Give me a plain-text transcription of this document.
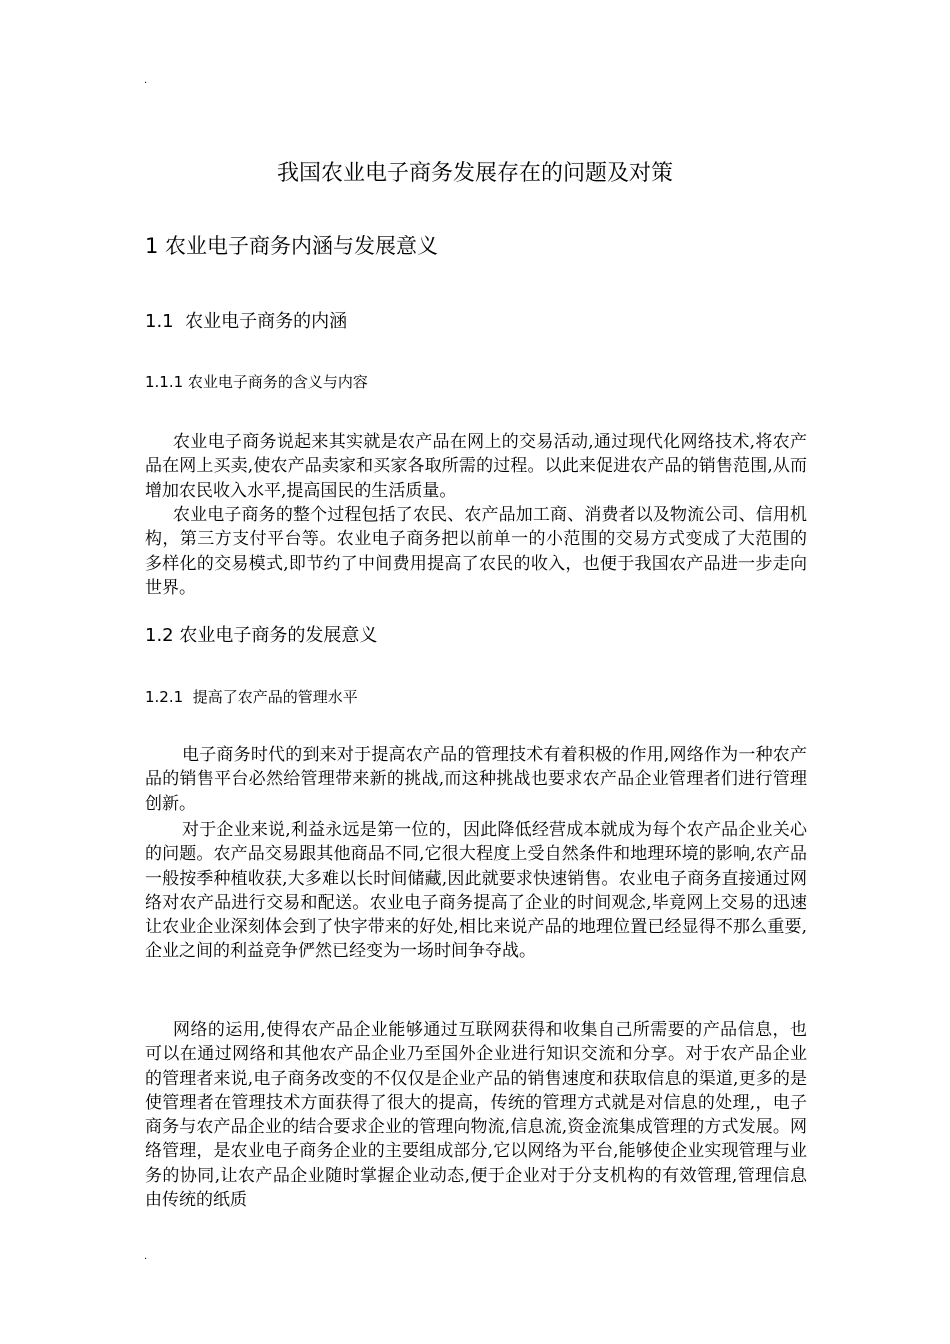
.
我国农业电子商务发展存在的问题及对策
1 农业电子商务内涵与发展意义
1.1  农业电子商务的内涵
1.1.1 农业电子商务的含义与内容

农业电子商务说起来其实就是农产品在网上的交易活动,通过现代化网络技术,将农产品在网上买卖,使农产品卖家和买家各取所需的过程。以此来促进农产品的销售范围,从而增加农民收入水平,提高国民的生活质量。

农业电子商务的整个过程包括了农民、农产品加工商、消费者以及物流公司、信用机构，第三方支付平台等。农业电子商务把以前单一的小范围的交易方式变成了大范围的多样化的交易模式,即节约了中间费用提高了农民的收入，也便于我国农产品进一步走向世界。

1.2 农业电子商务的发展意义
1.2.1  提高了农产品的管理水平

电子商务时代的到来对于提高农产品的管理技术有着积极的作用,网络作为一种农产品的销售平台必然给管理带来新的挑战,而这种挑战也要求农产品企业管理者们进行管理创新。

对于企业来说,利益永远是第一位的，因此降低经营成本就成为每个农产品企业关心的问题。农产品交易跟其他商品不同,它很大程度上受自然条件和地理环境的影响,农产品一般按季种植收获,大多难以长时间储藏,因此就要求快速销售。农业电子商务直接通过网络对农产品进行交易和配送。农业电子商务提高了企业的时间观念,毕竟网上交易的迅速让农业企业深刻体会到了快字带来的好处,相比来说产品的地理位置已经显得不那么重要,企业之间的利益竞争俨然已经变为一场时间争夺战。

网络的运用,使得农产品企业能够通过互联网获得和收集自己所需要的产品信息，也可以在通过网络和其他农产品企业乃至国外企业进行知识交流和分享。对于农产品企业的管理者来说,电子商务改变的不仅仅是企业产品的销售速度和获取信息的渠道,更多的是使管理者在管理技术方面获得了很大的提高，传统的管理方式就是对信息的处理,，电子商务与农产品企业的结合要求企业的管理向物流,信息流,资金流集成管理的方式发展。网络管理，是农业电子商务企业的主要组成部分,它以网络为平台,能够使企业实现管理与业务的协同,让农产品企业随时掌握企业动态,便于企业对于分支机构的有效管理,管理信息由传统的纸质

.
